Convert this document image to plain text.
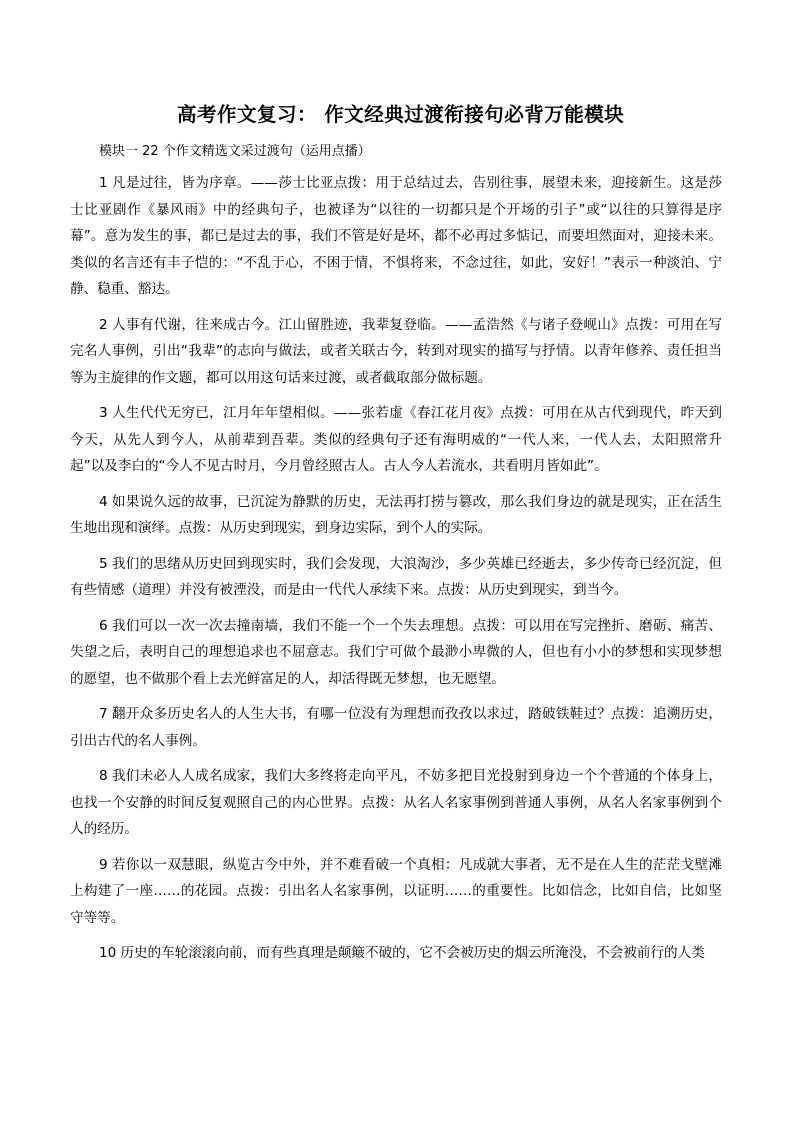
高考作文复习： 作文经典过渡衔接句必背万能模块
模块一 22 个作文精选文采过渡句（运用点播）
1 凡是过往，皆为序章。——莎士比亚点拨：用于总结过去，告别往事，展望未来，迎接新生。这是莎士比亚剧作《暴风雨》中的经典句子，也被译为“以往的一切都只是个开场的引子”或“以往的只算得是序幕”。意为发生的事，都已是过去的事，我们不管是好是坏，都不必再过多惦记，而要坦然面对，迎接未来。类似的名言还有丰子恺的：“不乱于心，不困于情，不惧将来，不念过往，如此，安好！”表示一种淡泊、宁静、稳重、豁达。
2 人事有代谢，往来成古今。江山留胜迹，我辈复登临。——孟浩然《与诸子登岘山》点拨：可用在写完名人事例，引出“我辈”的志向与做法，或者关联古今，转到对现实的描写与抒情。以青年修养、责任担当等为主旋律的作文题，都可以用这句话来过渡，或者截取部分做标题。
3 人生代代无穷已，江月年年望相似。——张若虚《春江花月夜》点拨：可用在从古代到现代，昨天到今天，从先人到今人，从前辈到吾辈。类似的经典句子还有海明威的“一代人来，一代人去，太阳照常升起”以及李白的“今人不见古时月，今月曾经照古人。古人今人若流水，共看明月皆如此”。
4 如果说久远的故事，已沉淀为静默的历史，无法再打捞与篡改，那么我们身边的就是现实，正在活生生地出现和演绎。点拨：从历史到现实，到身边实际，到个人的实际。
5 我们的思绪从历史回到现实时，我们会发现，大浪淘沙，多少英雄已经逝去，多少传奇已经沉淀，但有些情感（道理）并没有被湮没，而是由一代代人承续下来。点拨：从历史到现实，到当今。
6 我们可以一次一次去撞南墙，我们不能一个一个失去理想。点拨：可以用在写完挫折、磨砺、痛苦、失望之后，表明自己的理想追求也不屈意志。我们宁可做个最渺小卑微的人，但也有小小的梦想和实现梦想的愿望，也不做那个看上去光鲜富足的人，却活得既无梦想，也无愿望。
7 翻开众多历史名人的人生大书，有哪一位没有为理想而孜孜以求过，踏破铁鞋过？点拨：追溯历史，引出古代的名人事例。
8 我们未必人人成名成家，我们大多终将走向平凡，不妨多把目光投射到身边一个个普通的个体身上，也找一个安静的时间反复观照自己的内心世界。点拨：从名人名家事例到普通人事例，从名人名家事例到个人的经历。
9 若你以一双慧眼，纵览古今中外，并不难看破一个真相：凡成就大事者，无不是在人生的茫茫戈壁滩上构建了一座……的花园。点拨：引出名人名家事例，以证明……的重要性。比如信念，比如自信，比如坚守等等。
10 历史的车轮滚滚向前，而有些真理是颠簸不破的，它不会被历史的烟云所淹没，不会被前行的人类
